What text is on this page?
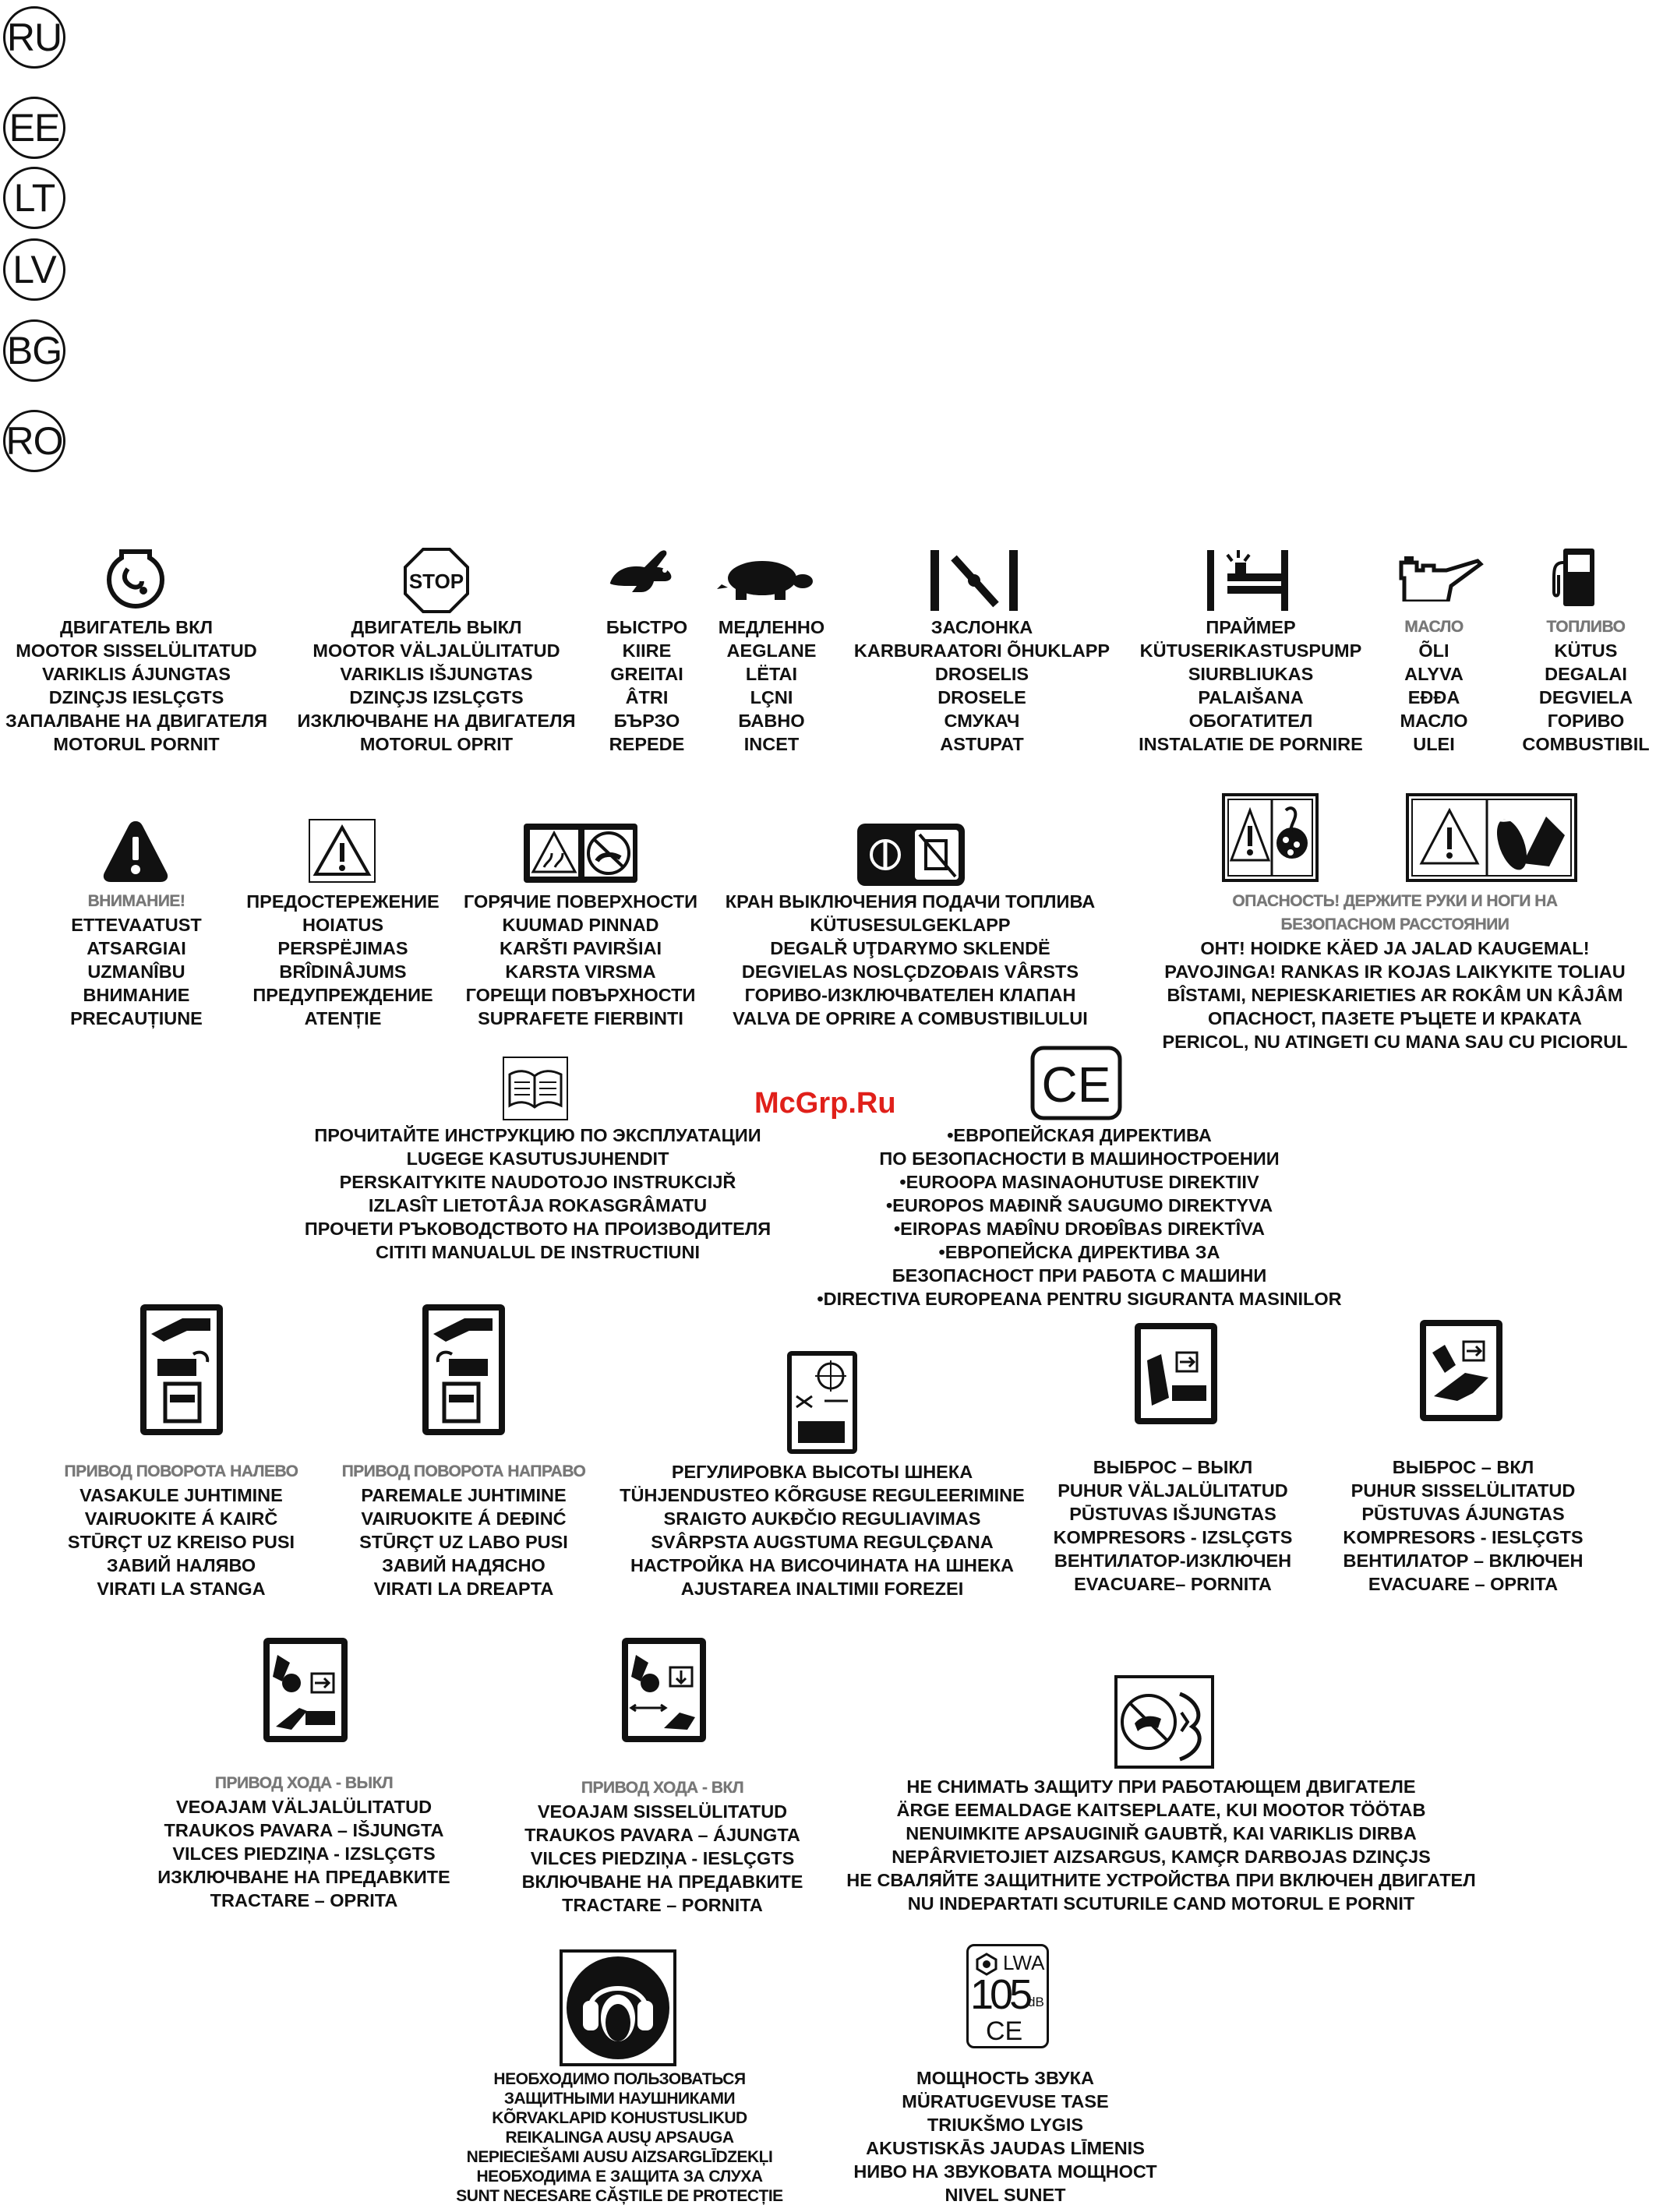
RU
EE
LT
LV
BG
RO
McGrp.Ru
STOP
ДВИГАТЕЛЬ ВКЛ
MOOTOR SISSELÜLITATUD
VARIKLIS ÁJUNGTAS
DZINÇJS IESLÇGTS
ЗАПАЛВАНЕ НА ДВИГАТЕЛЯ
MOTORUL PORNIT
ДВИГАТЕЛЬ ВЫКЛ
MOOTOR VÄLJALÜLITATUD
VARIKLIS IŠJUNGTAS
DZINÇJS IZSLÇGTS
ИЗКЛЮЧВАНЕ НА ДВИГАТЕЛЯ
MOTORUL OPRIT
БЫСТРО
KIIRE
GREITAI
ÂTRI
БЪРЗО
REPEDE
МЕДЛЕННО
AEGLANE
LËTAI
LÇNI
БАВНО
INCET
ЗАСЛОНКА
KARBURAATORI ÕHUKLAPP
DROSELIS
DROSELE
СМУКАЧ
ASTUPAT
ПРАЙМЕР
KÜTUSERIKASTUSPUMP
SIURBLIUKAS
PALAIŠANA
ОБОГАТИТЕЛ
INSTALATIE DE PORNIRE
МАСЛО
ÕLI
ALYVA
EĐĐA
МАСЛО
ULEI
ТОПЛИВО
KÜTUS
DEGALAI
DEGVIELA
ГОРИВО
COMBUSTIBIL
ВНИМАНИЕ!
ETTEVAATUST
ATSARGIAI
UZMANÎBU
ВНИМАНИЕ
PRECAUȚIUNE
ПРЕДОСТЕРЕЖЕНИЕ
HOIATUS
PERSPËJIMAS
BRÎDINÂJUMS
ПРЕДУПРЕЖДЕНИЕ
ATENȚIE
ГОРЯЧИЕ ПОВЕРХНОСТИ
KUUMAD PINNAD
KARŠTI PAVIRŠIAI
KARSTA VIRSMA
ГОРЕЩИ ПОВЪРХНОСТИ
SUPRAFETE FIERBINTI
КРАН ВЫКЛЮЧЕНИЯ ПОДАЧИ ТОПЛИВА
KÜTUSESULGEKLAPP
DEGALŘ UŢDARYMO SKLENDË
DEGVIELAS NOSLÇDZOĐAIS VÂRSTS
ГОРИВО-ИЗКЛЮЧВАТЕЛЕН КЛАПАН
VALVA DE OPRIRE A COMBUSTIBILULUI
ОПАСНОСТЬ! ДЕРЖИТЕ РУКИ И НОГИ НА
БЕЗОПАСНОМ РАССТОЯНИИ
OHT! HOIDKE KÄED JA JALAD KAUGEMAL!
PAVOJINGA! RANKAS IR KOJAS LAIKYKITE TOLIAU
BÎSTAMI, NEPIESKARIETIES AR ROKÂM UN KÂJÂM
ОПАСНОСТ, ПАЗЕТЕ РЪЦЕТЕ И КРАКАТА
PERICOL, NU ATINGETI CU MANA SAU CU PICIORUL
ПРОЧИТАЙТЕ ИНСТРУКЦИЮ ПО ЭКСПЛУАТАЦИИ
LUGEGE KASUTUSJUHENDIT
PERSKAITYKITE NAUDOTOJO INSTRUKCIJŘ
IZLASÎT LIETOTÂJA ROKASGRÂMATU
ПРОЧЕТИ РЪКОВОДСТВОТО НА ПРОИЗВОДИТЕЛЯ
CITITI MANUALUL DE INSTRUCTIUNI
CE
•ЕВРОПЕЙСКАЯ ДИРЕКТИВА
ПО БЕЗОПАСНОСТИ В МАШИНОСТРОЕНИИ
•EUROOPA MASINAOHUTUSE DIREKTIIV
•EUROPOS MAĐINŘ SAUGUMO DIREKTYVA
•EIROPAS MAĐÎNU DROĐÎBAS DIREKTÎVA
•ЕВРОПЕЙСКА ДИРЕКТИВА ЗА
БЕЗОПАСНОСТ ПРИ РАБОТА С МАШИНИ
•DIRECTIVA EUROPEANA PENTRU SIGURANTA MASINILOR
ПРИВОД ПОВОРОТА НАЛЕВО
VASAKULE JUHTIMINE
VAIRUOKITE Á KAIRČ
STŪRÇT UZ KREISO PUSI
ЗАВИЙ НАЛЯВО
VIRATI LA STANGA
ПРИВОД ПОВОРОТА НАПРАВО
PAREMALE JUHTIMINE
VAIRUOKITE Á DEĐINĆ
STŪRÇT UZ LABO PUSI
ЗАВИЙ НАДЯСНО
VIRATI LA DREAPTA
РЕГУЛИРОВКА ВЫСОТЫ ШНЕКА
TÜHJENDUSTEO KÕRGUSE REGULEERIMINE
SRAIGTO AUKĐČIO REGULIAVIMAS
SVÂRPSTA AUGSTUMA REGULÇĐANA
НАСТРОЙКА НА ВИСОЧИНАТА НА ШНЕКА
AJUSTAREA INALTIMII FOREZEI
ВЫБРОС – ВЫКЛ
PUHUR VÄLJALÜLITATUD
PŪSTUVAS IŠJUNGTAS
KOMPRESORS - IZSLÇGTS
ВЕНТИЛАТОР-ИЗКЛЮЧЕН
EVACUARE– PORNITA
ВЫБРОС – ВКЛ
PUHUR SISSELÜLITATUD
PŪSTUVAS ÁJUNGTAS
KOMPRESORS - IESLÇGTS
ВЕНТИЛАТОР – ВКЛЮЧЕН
EVACUARE – OPRITA
ПРИВОД ХОДА - ВЫКЛ
VEOAJAM VÄLJALÜLITATUD
TRAUKOS PAVARA – IŠJUNGTA
VILCES PIEDZIŅA - IZSLÇGTS
ИЗКЛЮЧВАНЕ НА ПРЕДАВКИТЕ
TRACTARE – OPRITA
ПРИВОД ХОДА - ВКЛ
VEOAJAM SISSELÜLITATUD
TRAUKOS PAVARA – ÁJUNGTA
VILCES PIEDZIŅA - IESLÇGTS
ВКЛЮЧВАНЕ НА ПРЕДАВКИТЕ
TRACTARE – PORNITA
НЕ СНИМАТЬ ЗАЩИТУ ПРИ РАБОТАЮЩЕМ ДВИГАТЕЛЕ
ÄRGE EEMALDAGE KAITSEPLAATE, KUI MOOTOR TÖÖTAB
NENUIMKITE APSAUGINIŘ GAUBTŘ, KAI VARIKLIS DIRBA
NEPÂRVIETOJIET AIZSARGUS, KAMÇR DARBOJAS DZINÇJS
НЕ СВАЛЯЙТЕ ЗАЩИТНИТЕ УСТРОЙСТВА ПРИ ВКЛЮЧЕН ДВИГАТЕЛ
NU INDEPARTATI SCUTURILE CAND MOTORUL E PORNIT
НЕОБХОДИМО ПОЛЬЗОВАТЬСЯ
ЗАЩИТНЫМИ НАУШНИКАМИ
KÕRVAKLAPID KOHUSTUSLIKUD
REIKALINGA AUSŲ APSAUGA
NEPIECIEŠAMI AUSU AIZSARGLĪDZEKĻI
НЕОБХОДИМА Е ЗАЩИТА ЗА СЛУХА
SUNT NECESARE CĂȘTILE DE PROTECȚIE
LWA
105
dB
CE
МОЩНОСТЬ ЗВУКА
MÜRATUGEVUSE TASE
TRIUKŠMO LYGIS
AKUSTISKĀS JAUDAS LĪMENIS
НИВО НА ЗВУКОВАТА МОЩНОСТ
NIVEL SUNET
